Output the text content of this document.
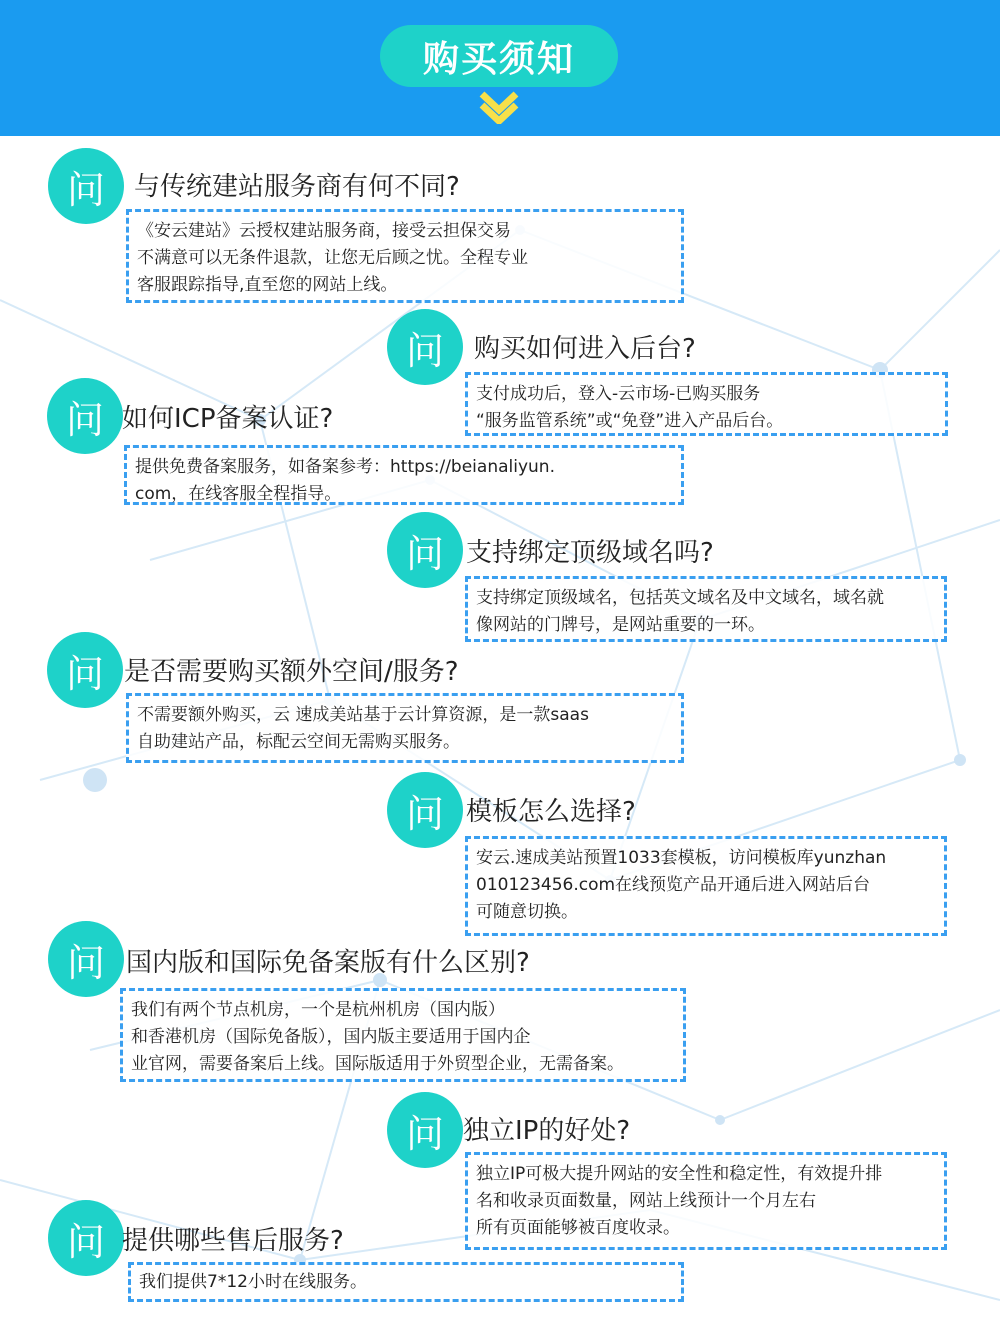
购买须知
问	与传统建站服务商有何不同?
《安云建站》云授权建站服务商，接受云担保交易
不满意可以无条件退款，让您无后顾之忧。全程专业
客服跟踪指导,直至您的网站上线。
问	购买如何进入后台?
支付成功后，登入-云市场-已购买服务
“服务监管系统”或“免登”进入产品后台。
问 如何ICP备案认证?
提供免费备案服务，如备案参考：https://beianaliyun.
com，在线客服全程指导。
问 支持绑定顶级域名吗?
支持绑定顶级域名，包括英文域名及中文域名，域名就
像网站的门牌号，是网站重要的一环。
问 是否需要购买额外空间/服务?
不需要额外购买，云 速成美站基于云计算资源，是一款saas
自助建站产品，标配云空间无需购买服务。
问 模板怎么选择?
安云.速成美站预置1033套模板，访问模板库yunzhan
010123456.com在线预览产品开通后进入网站后台
可随意切换。
问 国内版和国际免备案版有什么区别?
我们有两个节点机房，一个是杭州机房（国内版）
和香港机房（国际免备版），国内版主要适用于国内企
业官网，需要备案后上线。国际版适用于外贸型企业，无需备案。
问 独立IP的好处?
独立IP可极大提升网站的安全性和稳定性，有效提升排
名和收录页面数量，网站上线预计一个月左右
所有页面能够被百度收录。
问 提供哪些售后服务?
我们提供7*12小时在线服务。
